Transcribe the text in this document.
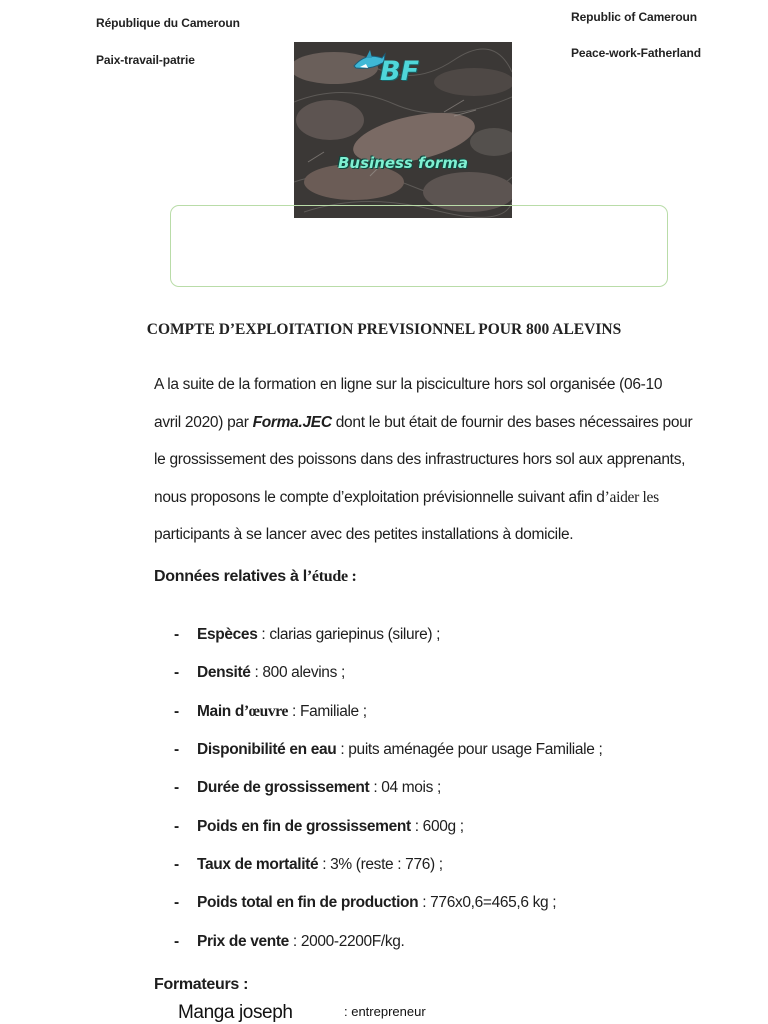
République du Cameroun
Paix-travail-patrie
Republic of Cameroun
Peace-work-Fatherland
BF
Business forma
COMPTE D’EXPLOITATION PREVISIONNEL POUR 800 ALEVINS
A la suite de la formation en ligne sur la pisciculture hors sol organisée (06-10
avril 2020) par Forma.JEC dont le but était de fournir des bases nécessaires pour
le grossissement des poissons dans des infrastructures hors sol aux apprenants,
nous proposons le compte d’exploitation prévisionnelle suivant afin d’aider les
participants à se lancer avec des petites installations à domicile.
Données relatives à l’étude :
-	Espèces : clarias gariepinus (silure) ;
-	Densité : 800 alevins ;
-	Main d ’œuvre : Familiale ;
-	Disponibilité en eau : puits aménagée pour usage Familiale ;
-	Durée de grossissement : 04 mois ;
-	Poids en fin de grossissement : 600g ;
-	Taux de mortalité : 3% (reste : 776) ;
-	Poids total en fin de production : 776x0,6=465,6 kg ;
-	Prix de vente : 2000-2200F/kg.
Formateurs :
Manga joseph	: entrepreneur
